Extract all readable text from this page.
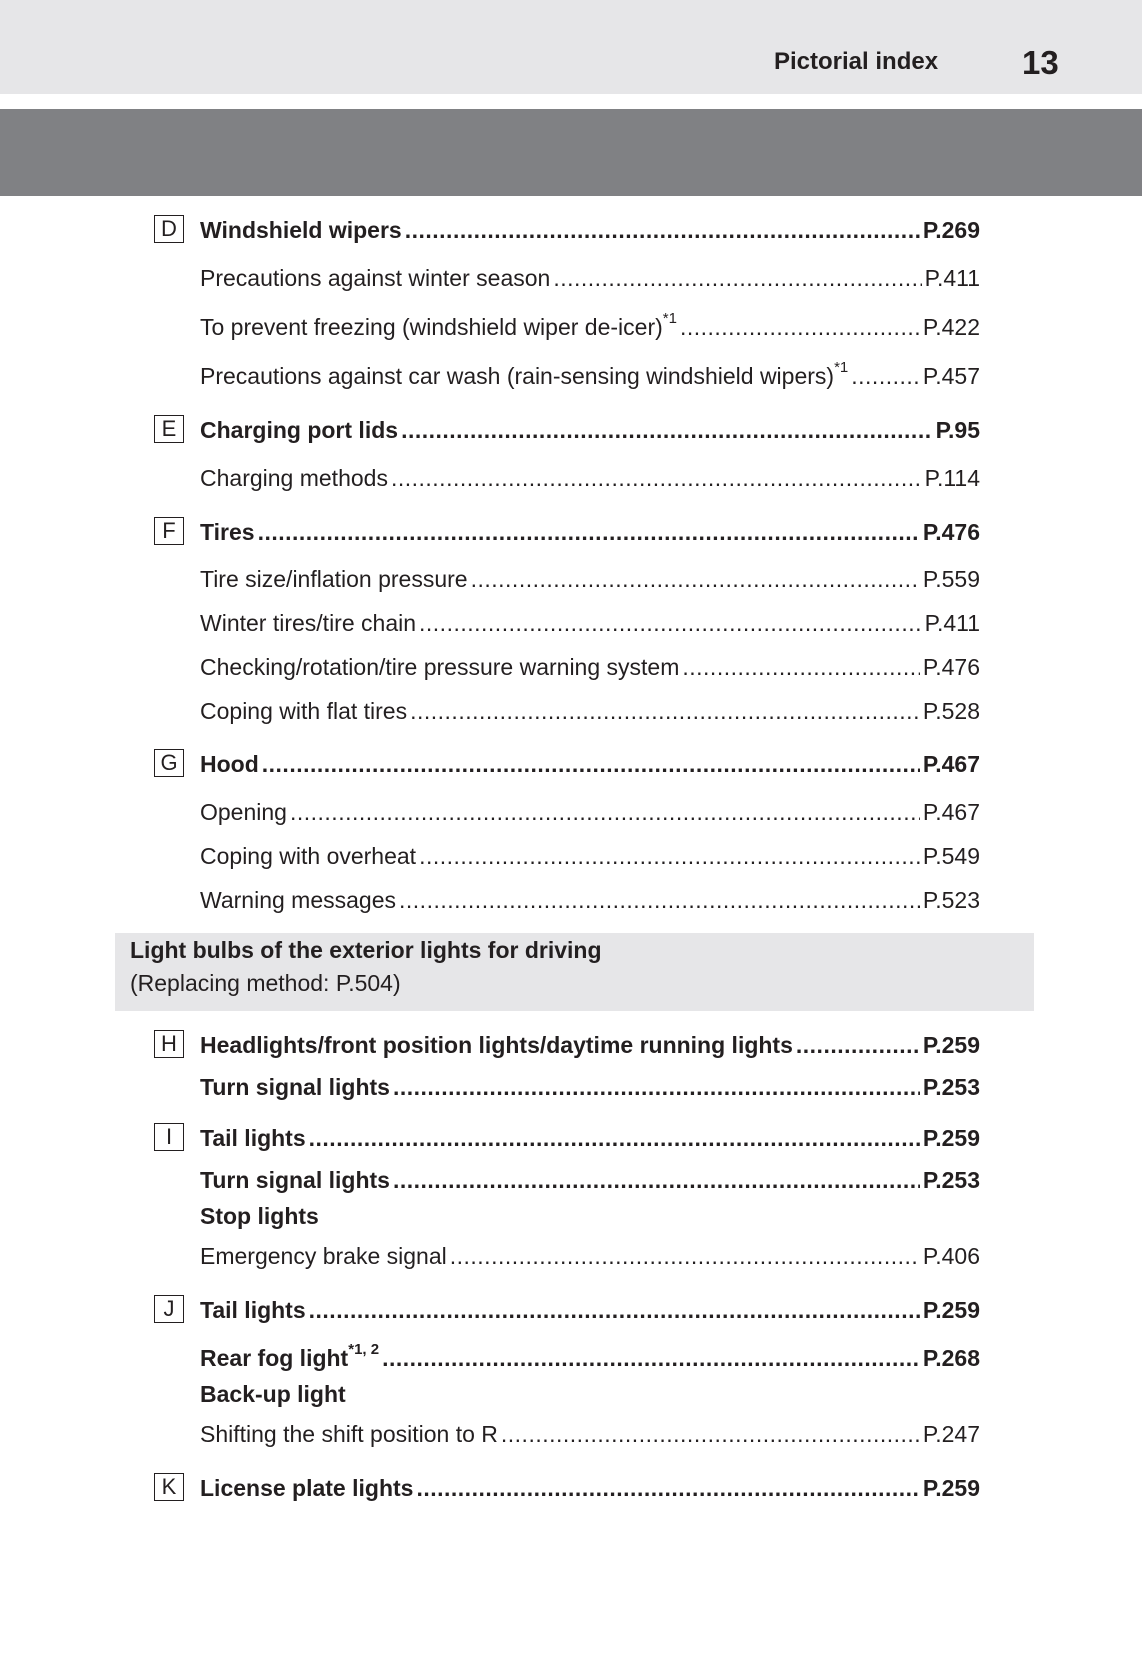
Pictorial index	13
D	Windshield wipers .....	P.269
Precautions against winter season .....	P.411
To prevent freezing (windshield wiper de-icer)$^{*1}$ .....	P.422
Precautions against car wash (rain-sensing windshield wipers)$^{*1}$ .....	P.457
E	Charging port lids .....	P.95
Charging methods .....	P.114
F	Tires .....	P.476
Tire size/inflation pressure .....	P.559
Winter tires/tire chain .....	P.411
Checking/rotation/tire pressure warning system .....	P.476
Coping with flat tires .....	P.528
G Hood .....	P.467
Opening .....	P.467
Coping with overheat .....	P.549
Warning messages .....	P.523
Light bulbs of the exterior lights for driving
(Replacing method: P.504)
H	Headlights/front position lights/daytime running lights .....	P.259
Turn signal lights .....	P.253
I	Tail lights .....	P.259
Turn signal lights .....	P.253
Stop lights
Emergency brake signal .....	P.406
J	Tail lights .....	P.259
Rear fog light$^{*1, 2}$ .....	P.268
Back-up light
Shifting the shift position to R .....	P.247
K	License plate lights .....	P.259
